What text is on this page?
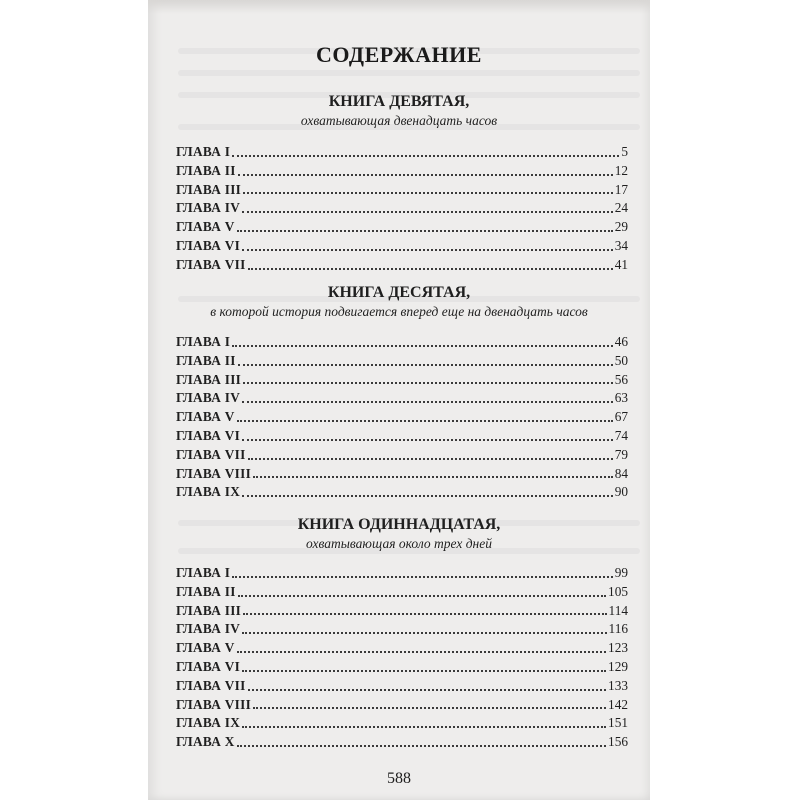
СОДЕРЖАНИЕ
КНИГА ДЕВЯТАЯ,
охватывающая двенадцать часов
ГЛАВА I	5
ГЛАВА II	12
ГЛАВА III	17
ГЛАВА IV	24
ГЛАВА V	29
ГЛАВА VI	34
ГЛАВА VII	41
КНИГА ДЕСЯТАЯ,
в которой история подвигается вперед еще на двенадцать часов
ГЛАВА I	46
ГЛАВА II	50
ГЛАВА III	56
ГЛАВА IV	63
ГЛАВА V	67
ГЛАВА VI	74
ГЛАВА VII	79
ГЛАВА VIII	84
ГЛАВА IX	90
КНИГА ОДИННАДЦАТАЯ,
охватывающая около трех дней
ГЛАВА I	99
ГЛАВА II	105
ГЛАВА III	114
ГЛАВА IV	116
ГЛАВА V	123
ГЛАВА VI	129
ГЛАВА VII	133
ГЛАВА VIII	142
ГЛАВА IX	151
ГЛАВА X	156
588
